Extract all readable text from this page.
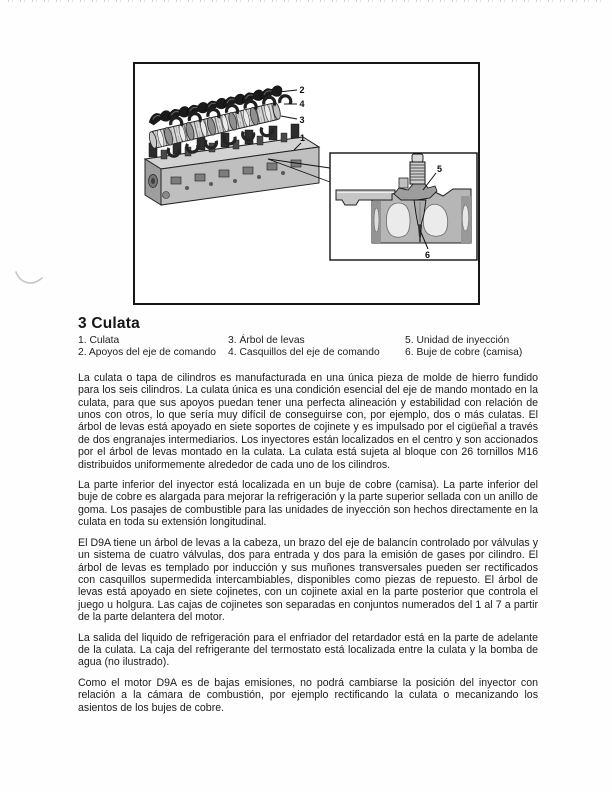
2
4
3
1
5
6
3 Culata
1. Culata
2. Apoyos del eje de comando
3. Árbol de levas
4. Casquillos del eje de comando
5. Unidad de inyección
6. Buje de cobre (camisa)

La culata o tapa de cilindros es manufacturada en una única pieza de molde de hierro fundido para los seis cilindros. La culata única es una condición esencial del eje de mando montado en la culata, para que sus apoyos puedan tener una perfecta alineación y estabilidad con relación de unos con otros, lo que sería muy difícil de conseguirse con, por ejemplo, dos o más culatas. El árbol de levas está apoyado en siete soportes de cojinete y es impulsado por el cigüeñal a través de dos engranajes intermediarios. Los inyectores están localizados en el centro y son accionados por el árbol de levas montado en la culata. La culata está sujeta al bloque con 26 tornillos M16 distribuidos uniformemente alrededor de cada uno de los cilindros.

La parte inferior del inyector está localizada en un buje de cobre (camisa). La parte inferior del buje de cobre es alargada para mejorar la refrigeración y la parte superior sellada con un anillo de goma. Los pasajes de combustible para las unidades de inyección son hechos directamente en la culata en toda su extensión longitudinal.

El D9A tiene un árbol de levas a la cabeza, un brazo del eje de balancín controlado por válvulas y un sistema de cuatro válvulas, dos para entrada y dos para la emisión de gases por cilindro. El árbol de levas es templado por inducción y sus muñones transversales pueden ser rectificados con casquillos supermedida intercambiables, disponibles como piezas de repuesto. El árbol de levas está apoyado en siete cojinetes, con un cojinete axial en la parte posterior que controla el juego u holgura. Las cajas de cojinetes son separadas en conjuntos numerados del 1 al 7 a partir de la parte delantera del motor.

La salida del liquido de refrigeración para el enfriador del retardador está en la parte de adelante de la culata. La caja del refrigerante del termostato está localizada entre la culata y la bomba de agua (no ilustrado).

Como el motor D9A es de bajas emisiones, no podrá cambiarse la posición del inyector con relación a la cámara de combustión, por ejemplo rectificando la culata o mecanizando los asientos de los bujes de cobre.
